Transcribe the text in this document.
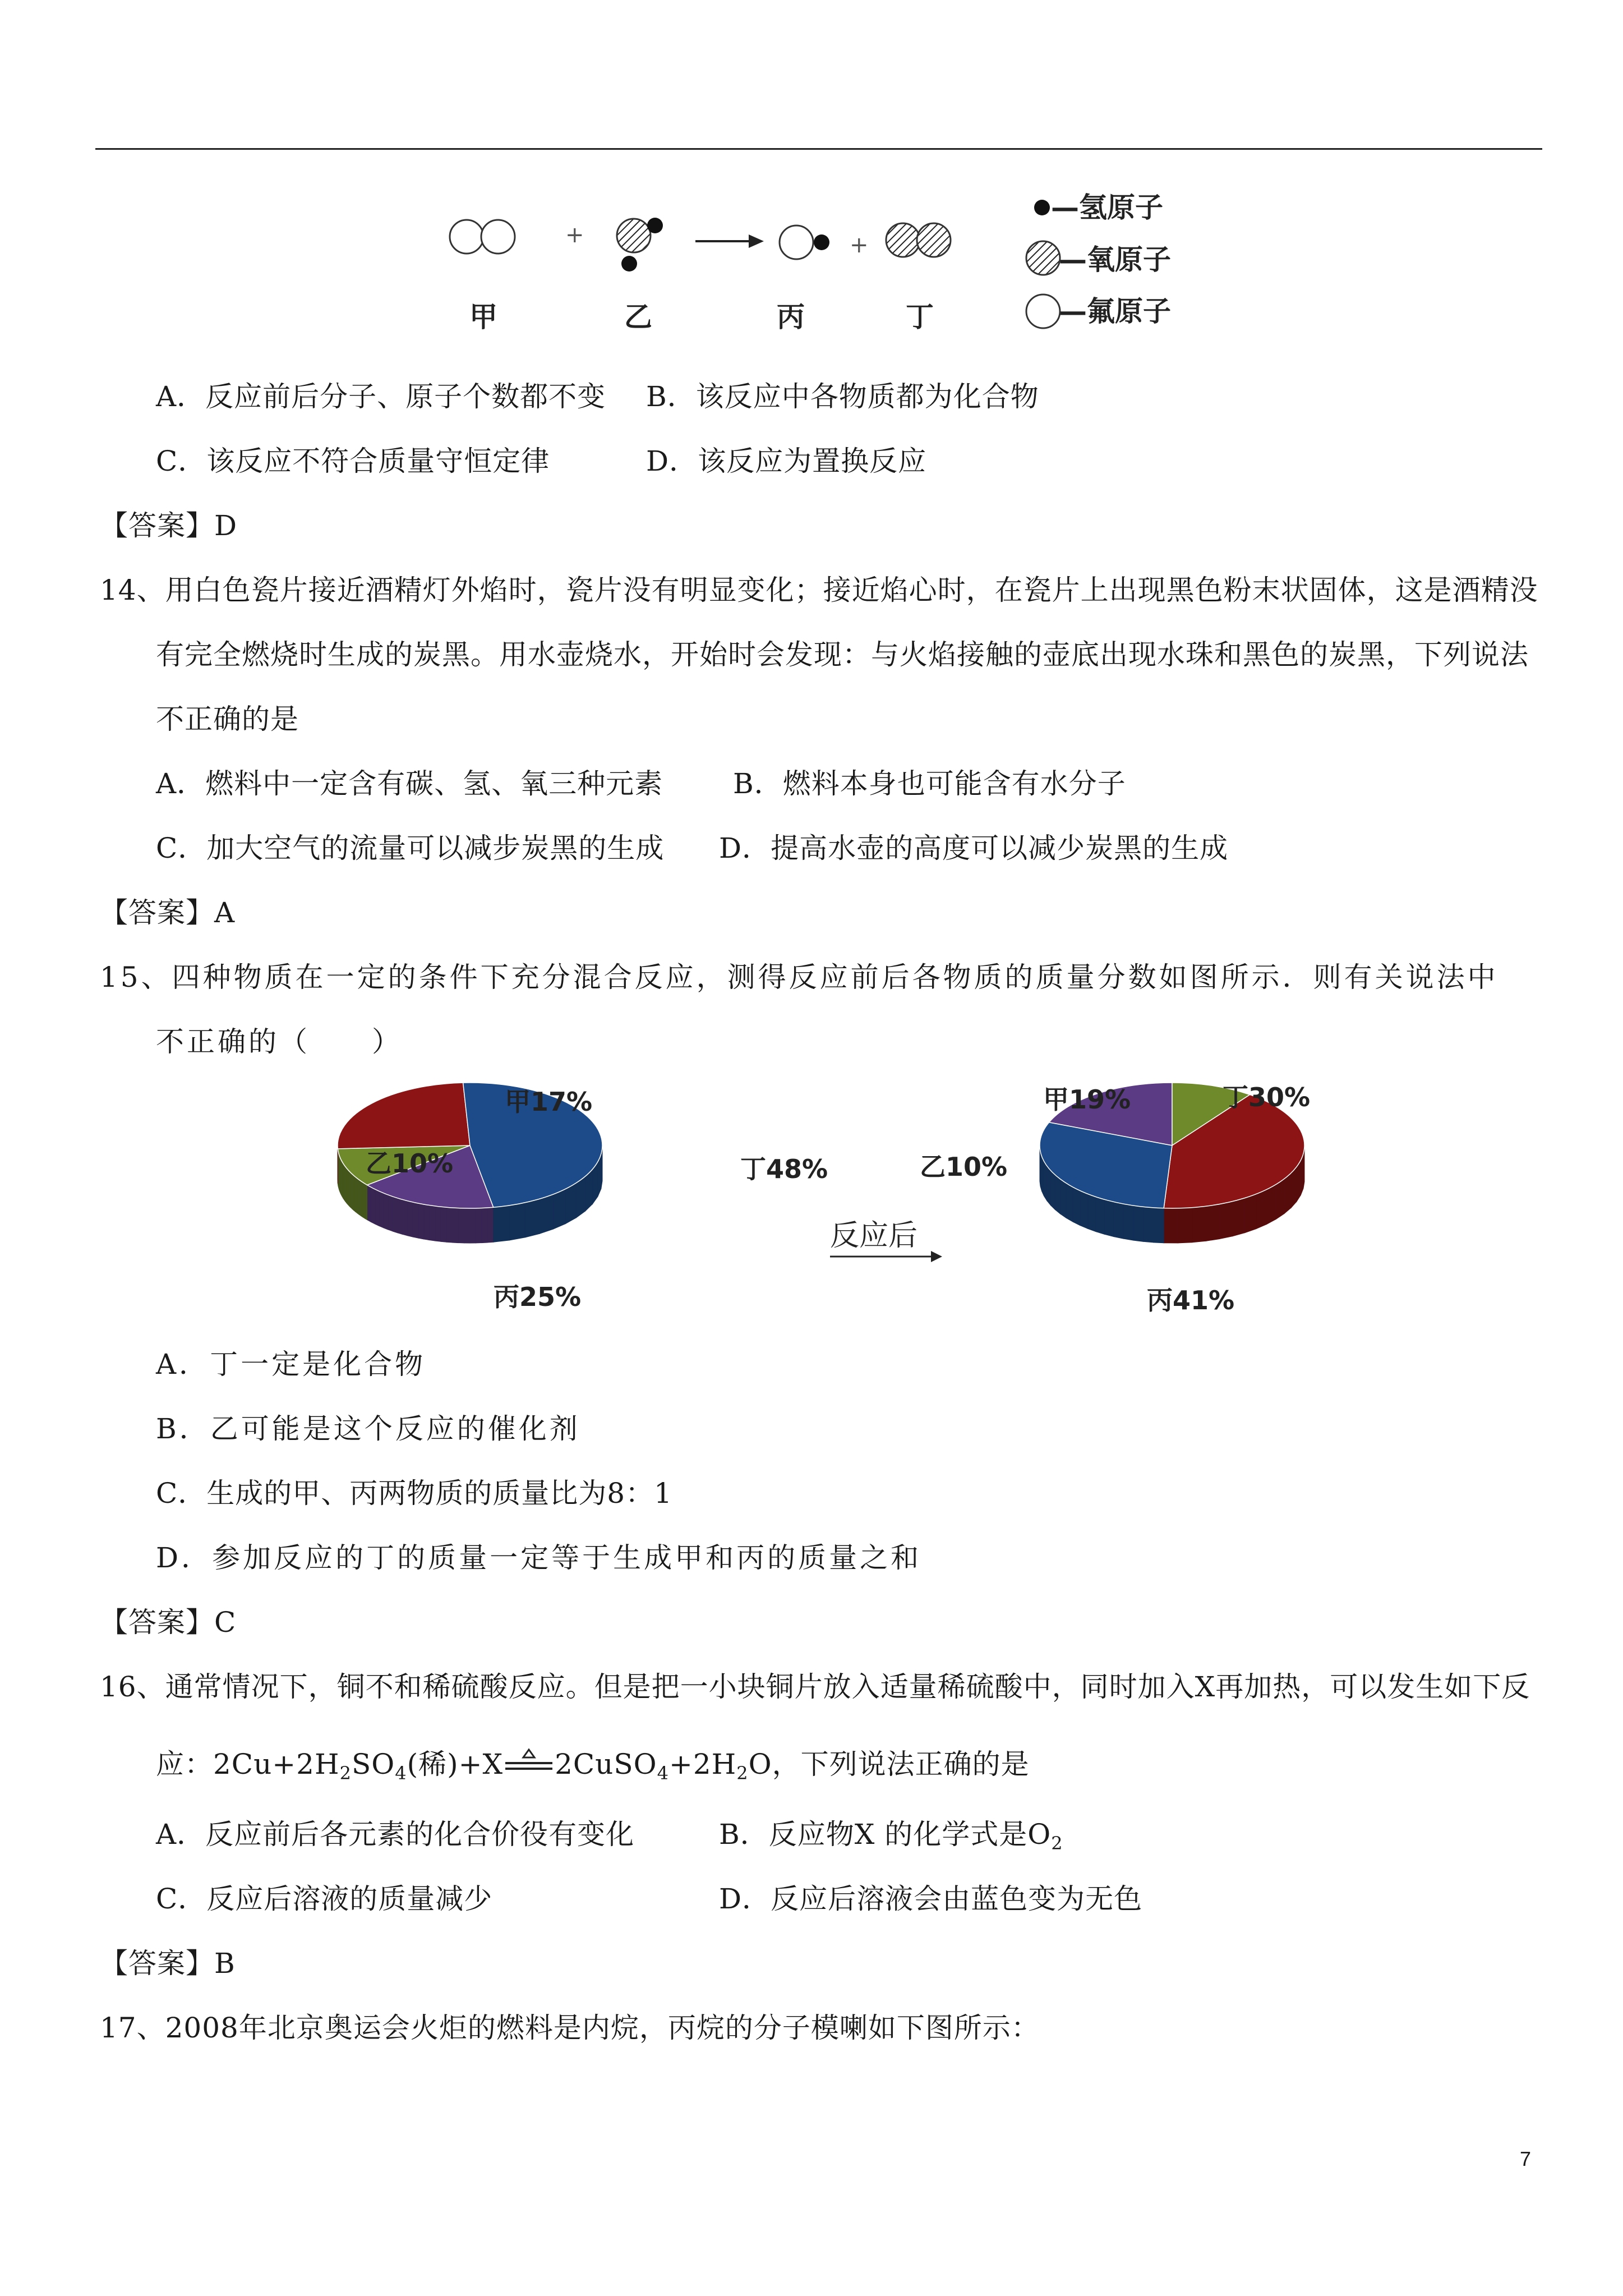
+	+
甲	乙	丙	丁
—氢原子
—氧原子
—氟原子
A．反应前后分子、原子个数都不变 B．该反应中各物质都为化合物
C．该反应不符合质量守恒定律	D．该反应为置换反应
【答案】D
14、用白色瓷片接近酒精灯外焰时，瓷片没有明显变化；接近焰心时，在瓷片上出现黑色粉末状固体，这是酒精没
有完全燃烧时生成的炭黑。用水壶烧水，开始时会发现：与火焰接触的壶底出现水珠和黑色的炭黑，下列说法
不正确的是
A．燃料中一定含有碳、氢、氧三种元素 B．燃料本身也可能含有水分子
C．加大空气的流量可以减步炭黑的生成 D．提高水壶的高度可以减少炭黑的生成
【答案】A
15、四种物质在一定的条件下充分混合反应，测得反应前后各物质的质量分数如图所示．则有关说法中
不正确的（　　）
甲17%
乙10%
丙25%
丁48%
甲19%
乙10%
丙41%
丁30%
反应后
A．丁一定是化合物
B．乙可能是这个反应的催化剂
C．生成的甲、丙两物质的质量比为8：1
D．参加反应的丁的质量一定等于生成甲和丙的质量之和
【答案】C
16、通常情况下，铜不和稀硫酸反应。但是把一小块铜片放入适量稀硫酸中，同时加入X再加热，可以发生如下反
应：$2Cu+2H_2SO_4$(稀)+X $2CuSO_4+2H_2O$，下列说法正确的是
A．反应前后各元素的化合价役有变化	B．反应物X 的化学式是$O_2$
C．反应后溶液的质量减少	D．反应后溶液会由蓝色变为无色
【答案】B
17、2008年北京奥运会火炬的燃料是内烷，丙烷的分子模喇如下图所示：
7
